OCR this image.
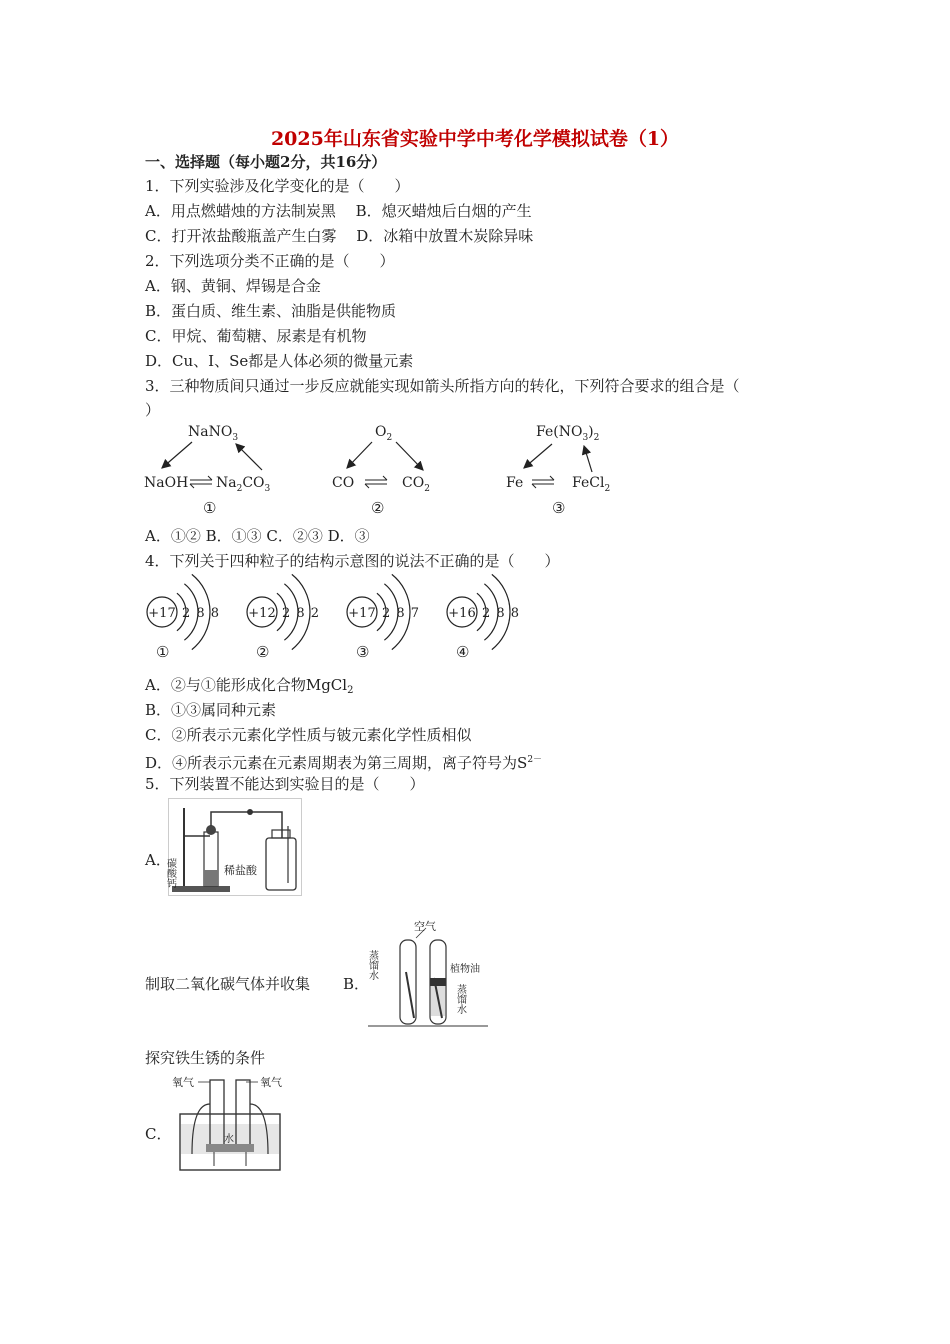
2025年山东省实验中学中考化学模拟试卷（1）
一、选择题（每小题2分，共16分）
1．下列实验涉及化学变化的是（　　）
A．用点燃蜡烛的方法制炭黑　 B．熄灭蜡烛后白烟的产生
C．打开浓盐酸瓶盖产生白雾　 D．冰箱中放置木炭除异味
2．下列选项分类不正确的是（　　）
A．钢、黄铜、焊锡是合金
B．蛋白质、维生素、油脂是供能物质
C．甲烷、葡萄糖、尿素是有机物
D．Cu、I、Se都是人体必须的微量元素
3．三种物质间只通过一步反应就能实现如箭头所指方向的转化，下列符合要求的组合是（
）
NaNO$_3$
NaOH $Na_2CO_3$
①
$O_2$
CO	$CO_2$
②
$Fe(NO_3)_2$
Fe	FeCl$_2$
③
A．①② B．①③ C．②③ D．③
4．下列关于四种粒子的结构示意图的说法不正确的是（　　）
+17 2 8 8
①
+12 2 8 2
②
+17 2 8 7
③
+16 2 8 8
④
A．②与①能形成化合物MgCl$_2$
B．①③属同种元素
C．②所表示元素化学性质与铍元素化学性质相似
D．④所表示元素在元素周期表为第三周期，离子符号为$S^{2-}$
5．下列装置不能达到实验目的是（　　）
A．
碳酸钙	稀盐酸
制取二氧化碳气体并收集 B．
空气
蒸馏水	植物油
蒸馏水
探究铁生锈的条件
C．
氧气	氧气
水
